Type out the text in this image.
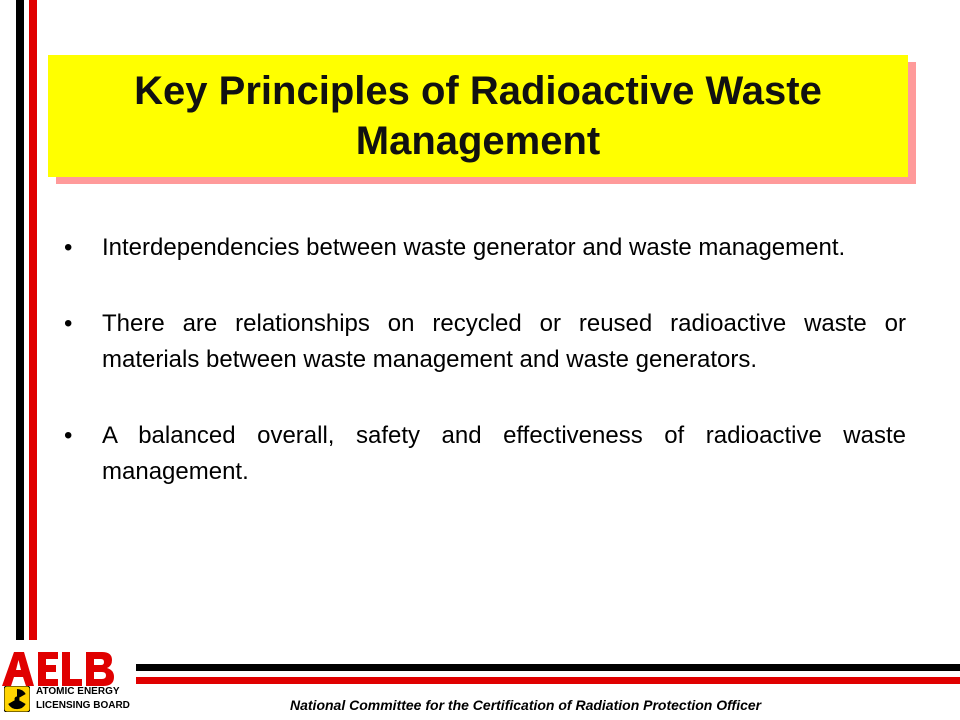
Key Principles of Radioactive Waste Management
•	Interdependencies between waste generator and waste management.
•	There are relationships on recycled or reused radioactive waste or materials between waste management and waste generators.
•	A balanced overall, safety and effectiveness of radioactive waste management.
ATOMIC ENERGY
LICENSING BOARD	National Committee for the Certification of Radiation Protection Officer
